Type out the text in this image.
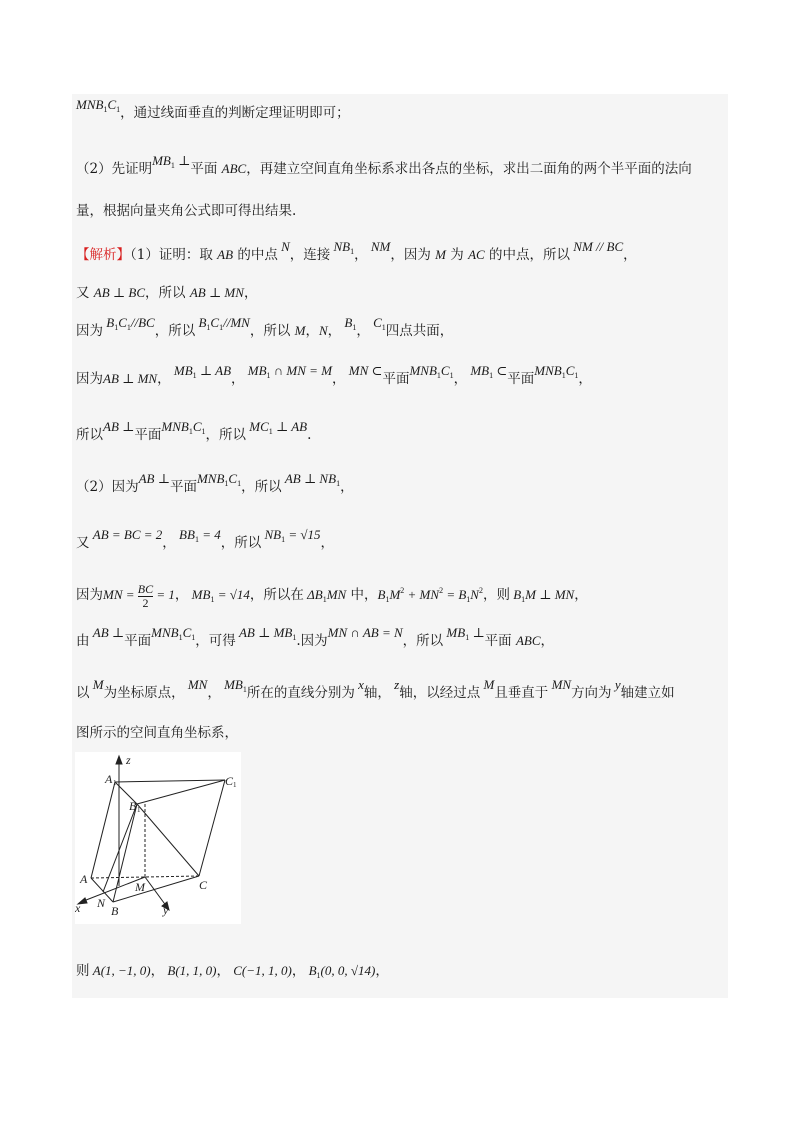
$MNB_1C_1$，通过线面垂直的判断定理证明即可；
（2）先证明$MB_1$ ⊥平面 ABC，再建立空间直角坐标系求出各点的坐标，求出二面角的两个半平面的法向
量，根据向量夹角公式即可得出结果.
【解析】（1）证明：取 AB 的中点 N，连接 $NB_1$， NM，因为 M 为 AC 的中点，所以 NM // BC，
又 AB ⊥ BC，所以 AB ⊥ MN，
因为 $B_1C_1//BC$，所以 $B_1C_1//MN$，所以 M，N， $B_1$， $C_1$四点共面，
因为AB ⊥ MN， $MB_1$ ⊥ AB， $MB_1$ ∩ MN = M， MN ⊂平面$MNB_1C_1$， $MB_1$ ⊂平面$MNB_1C_1$，
所以AB ⊥平面$MNB_1C_1$，所以 $MC_1$ ⊥ AB.
（2）因为AB ⊥平面$MNB_1C_1$，所以 AB ⊥ $NB_1$，
又 AB = BC = 2， $BB_1 = 4$，所以 $NB_1 = √15$，
因为MN = $\frac{BC}{2} = 1$， $MB_1 = √14$，所以在 $\Delta B_1MN$ 中，$B_1M^2 + MN^2 = B_1N^2$，则 $B_1M$ ⊥ MN，
由 AB ⊥平面$MNB_1C_1$，可得 AB ⊥ $MB_1$.因为MN ∩ AB = N，所以 $MB_1$ ⊥平面 ABC，
以 M为坐标原点， MN， $MB_1$所在的直线分别为 x轴， z轴，以经过点 M且垂直于 MN方向为 y轴建立如
图所示的空间直角坐标系，
z
A 1	C 1
B 1
A
M	C
x N
B	y
则 A(1, −1, 0)， B(1, 1, 0)， C(−1, 1, 0)， $B_1(0$, 0, √14)，
